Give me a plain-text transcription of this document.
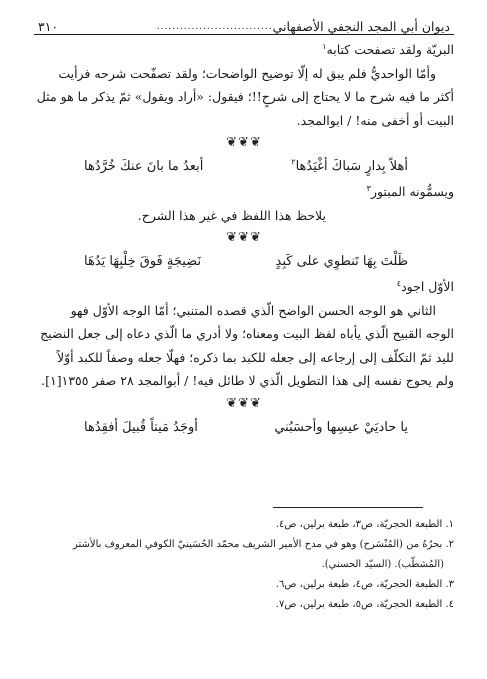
ديوان أبي المجد النجفي الأصفهاني
..............................
٣١٠

البريّة ولقد تصفحت كتابه$^١$

وأمّا الواحديُّ فلم يبق له إلّا توضيح الواضحات؛ ولقد تصفّحت شرحه فرأيت

أكثر ما فيه شرح ما لا يحتاج إلى شرحٍ!!؛ فيقول: «أراد ويقول» ثمّ يذكر ما هو مثل

البيت أو أخفى منه! / ابوالمجد.

❦❦❦
أهلاً بِدارٍ سَباكَ أغْيَدُها$^٢$
أبعدُ ما بانَ عنكَ خُرَّدُها

ويسمُّونه المبتور$^٣$

يلاحظ هذا اللفظ في غير هذا الشرح.

❦❦❦
ظَلْتَ بِهَا تَنطوِي على كَبِدٍ
نَضِيجَةٍ فَوقَ خِلْبِهَا يَدُهَا

الأوّل اجود$^٤$

الثاني هو الوجه الحسن الواضح الّذي قصده المتنبي؛ أمّا الوجه الأوّل فهو

الوجه القبيح الّذي يأباه لفظ البيت ومعناه؛ ولا أدري ما الّذي دعاه إلى جعل النضيج

لليد ثمّ التكلّف إلى إرجاعه إلى جعله للكبد بما ذكره؛ فهلّا جعله وصفاً للكبد أوّلاً

ولم يحوج نفسه إلى هذا التطويل الّذي لا طائل فيه! / أبوالمجد ٢٨ صفر ١٣٥٥[١].

❦❦❦
يا حاديَيْ عيسِها وأحسَبُني
أوجَدُ مَيتاً قُبيلَ أفقِدُها

١. الطبعة الحجريّة، ص٣، طبعة برلين، ص٤.

٢. بحرُهُ من (المُنْسَرح) وهو في مدح الأمير الشريف محمّد الحُسَينيّ الكوفي المعروف بالأشتر

(المُشطّب). (السيّد الحسني).

٣. الطبعة الحجريّة، ص٤، طبعة برلين، ص٦.

٤. الطبعة الحجريّة، ص٥، طبعة برلين، ص٧.
